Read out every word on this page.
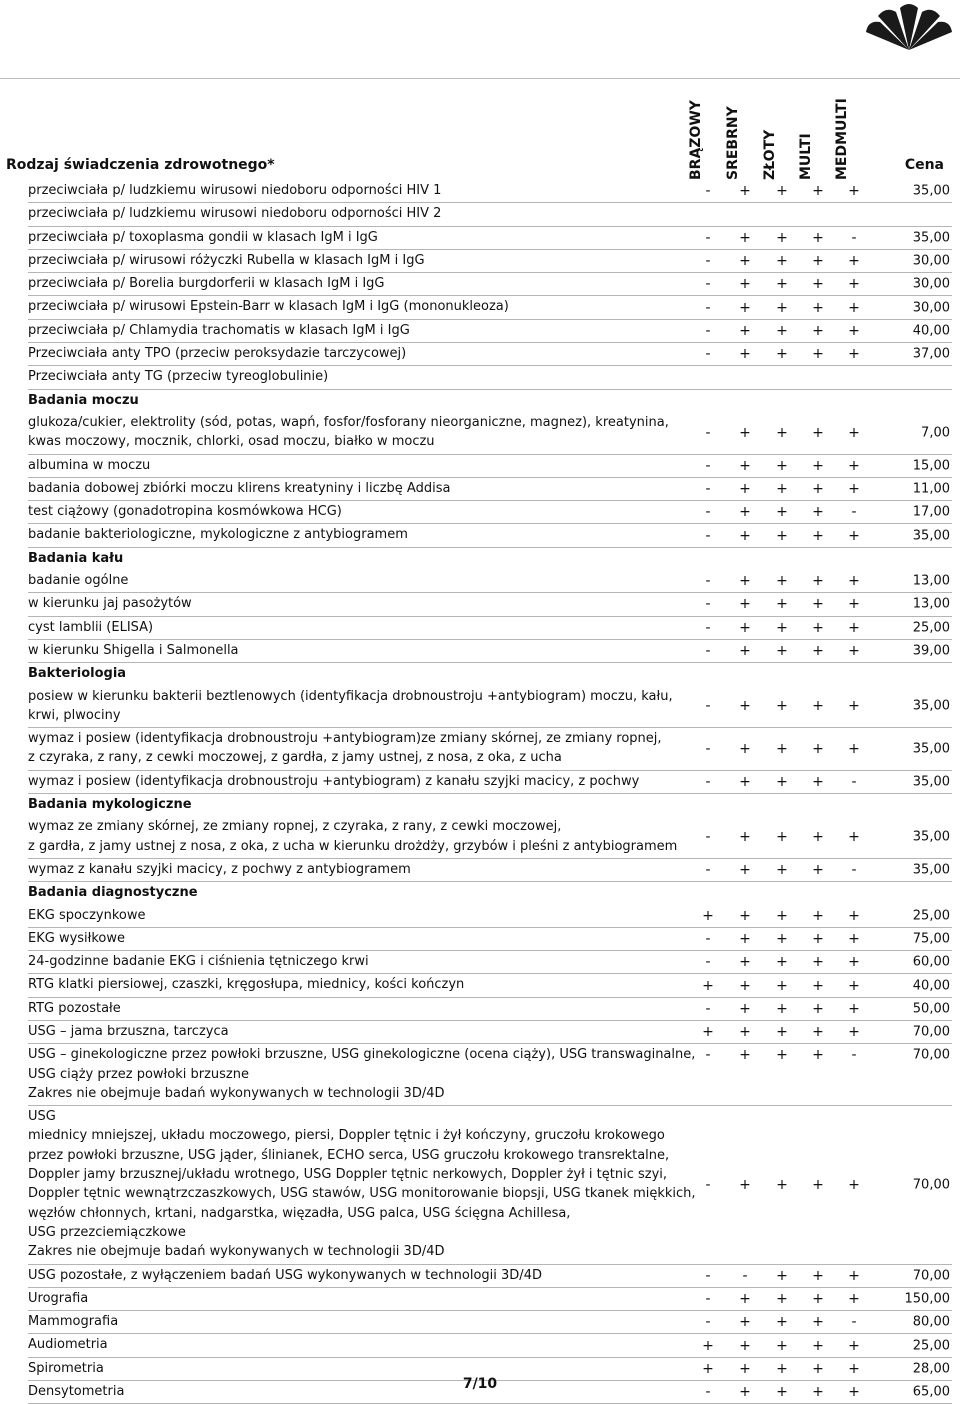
BRĄZOWY SREBRNY ZŁOTY MULTI MEDMULTI
Rodzaj świadczenia zdrowotnego*	Cena
przeciwciała p/ ludzkiemu wirusowi niedoboru odporności HIV 1	-	+ + + +	35,00
przeciwciała p/ ludzkiemu wirusowi niedoboru odporności HIV 2
przeciwciała p/ toxoplasma gondii w klasach IgM i IgG	-	+ + +	-	35,00
przeciwciała p/ wirusowi różyczki Rubella w klasach IgM i IgG	-	+ + + +	30,00
przeciwciała p/ Borelia burgdorferii w klasach IgM i IgG	-	+ + + +	30,00
przeciwciała p/ wirusowi Epstein-Barr w klasach IgM i IgG (mononukleoza)	-	+ + + +	30,00
przeciwciała p/ Chlamydia trachomatis w klasach IgM i IgG	-	+ + + +	40,00
Przeciwciała anty TPO (przeciw peroksydazie tarczycowej)	-	+ + + +	37,00
Przeciwciała anty TG (przeciw tyreoglobulinie)
Badania moczu
glukoza/cukier, elektrolity (sód, potas, wapń, fosfor/fosforany nieorganiczne, magnez), kreatynina,
kwas moczowy, mocznik, chlorki, osad moczu, białko w moczu
-	+ + + +	7,00
albumina w moczu	-	+ + + +	15,00
badania dobowej zbiórki moczu klirens kreatyniny i liczbę Addisa	-	+ + + +	11,00
test ciążowy (gonadotropina kosmówkowa HCG)	-	+ + +	-	17,00
badanie bakteriologiczne, mykologiczne z antybiogramem	-	+ + + +	35,00
Badania kału
badanie ogólne	-	+ + + +	13,00
w kierunku jaj pasożytów	-	+ + + +	13,00
cyst lamblii (ELISA)	-	+ + + +	25,00
w kierunku Shigella i Salmonella	-	+ + + +	39,00
Bakteriologia
posiew w kierunku bakterii beztlenowych (identyfikacja drobnoustroju +antybiogram) moczu, kału,
krwi, plwociny
-	+ + + +	35,00
wymaz i posiew (identyfikacja drobnoustroju +antybiogram)ze zmiany skórnej, ze zmiany ropnej,
z czyraka, z rany, z cewki moczowej, z gardła, z jamy ustnej, z nosa, z oka, z ucha
-	+ + + +	35,00
wymaz i posiew (identyfikacja drobnoustroju +antybiogram) z kanału szyjki macicy, z pochwy	-	+ + +	-	35,00
Badania mykologiczne
wymaz ze zmiany skórnej, ze zmiany ropnej, z czyraka, z rany, z cewki moczowej,
z gardła, z jamy ustnej z nosa, z oka, z ucha w kierunku drożdży, grzybów i pleśni z antybiogramem
-	+ + + +	35,00
wymaz z kanału szyjki macicy, z pochwy z antybiogramem	-	+ + +	-	35,00
Badania diagnostyczne
EKG spoczynkowe	+ + + + +	25,00
EKG wysiłkowe	-	+ + + +	75,00
24-godzinne badanie EKG i ciśnienia tętniczego krwi	-	+ + + +	60,00
RTG klatki piersiowej, czaszki, kręgosłupa, miednicy, kości kończyn	+ + + + +	40,00
RTG pozostałe	-	+ + + +	50,00
USG – jama brzuszna, tarczyca	+ + + + +	70,00
USG – ginekologiczne przez powłoki brzuszne, USG ginekologiczne (ocena ciąży), USG transwaginalne,
USG ciąży przez powłoki brzuszne
Zakres nie obejmuje badań wykonywanych w technologii 3D/4D
-	+ + +	-	70,00
USG
miednicy mniejszej, układu moczowego, piersi, Doppler tętnic i żył kończyny, gruczołu krokowego
przez powłoki brzuszne, USG jąder, ślinianek, ECHO serca, USG gruczołu krokowego transrektalne,
Doppler jamy brzusznej/układu wrotnego, USG Doppler tętnic nerkowych, Doppler żył i tętnic szyi,
Doppler tętnic wewnątrzczaszkowych, USG stawów, USG monitorowanie biopsji, USG tkanek miękkich,
węzłów chłonnych, krtani, nadgarstka, więzadła, USG palca, USG ścięgna Achillesa,
USG przezciemiączkowe
Zakres nie obejmuje badań wykonywanych w technologii 3D/4D
-	+ + + +	70,00
USG pozostałe, z wyłączeniem badań USG wykonywanych w technologii 3D/4D	-	-	+ + +	70,00
Urografia	-	+ + + +	150,00
Mammografia	-	+ + +	-	80,00
Audiometria	+ + + + +	25,00
Spirometria	+ + + + +	28,00
Densytometria	-	+ + + +	65,00
7/10
